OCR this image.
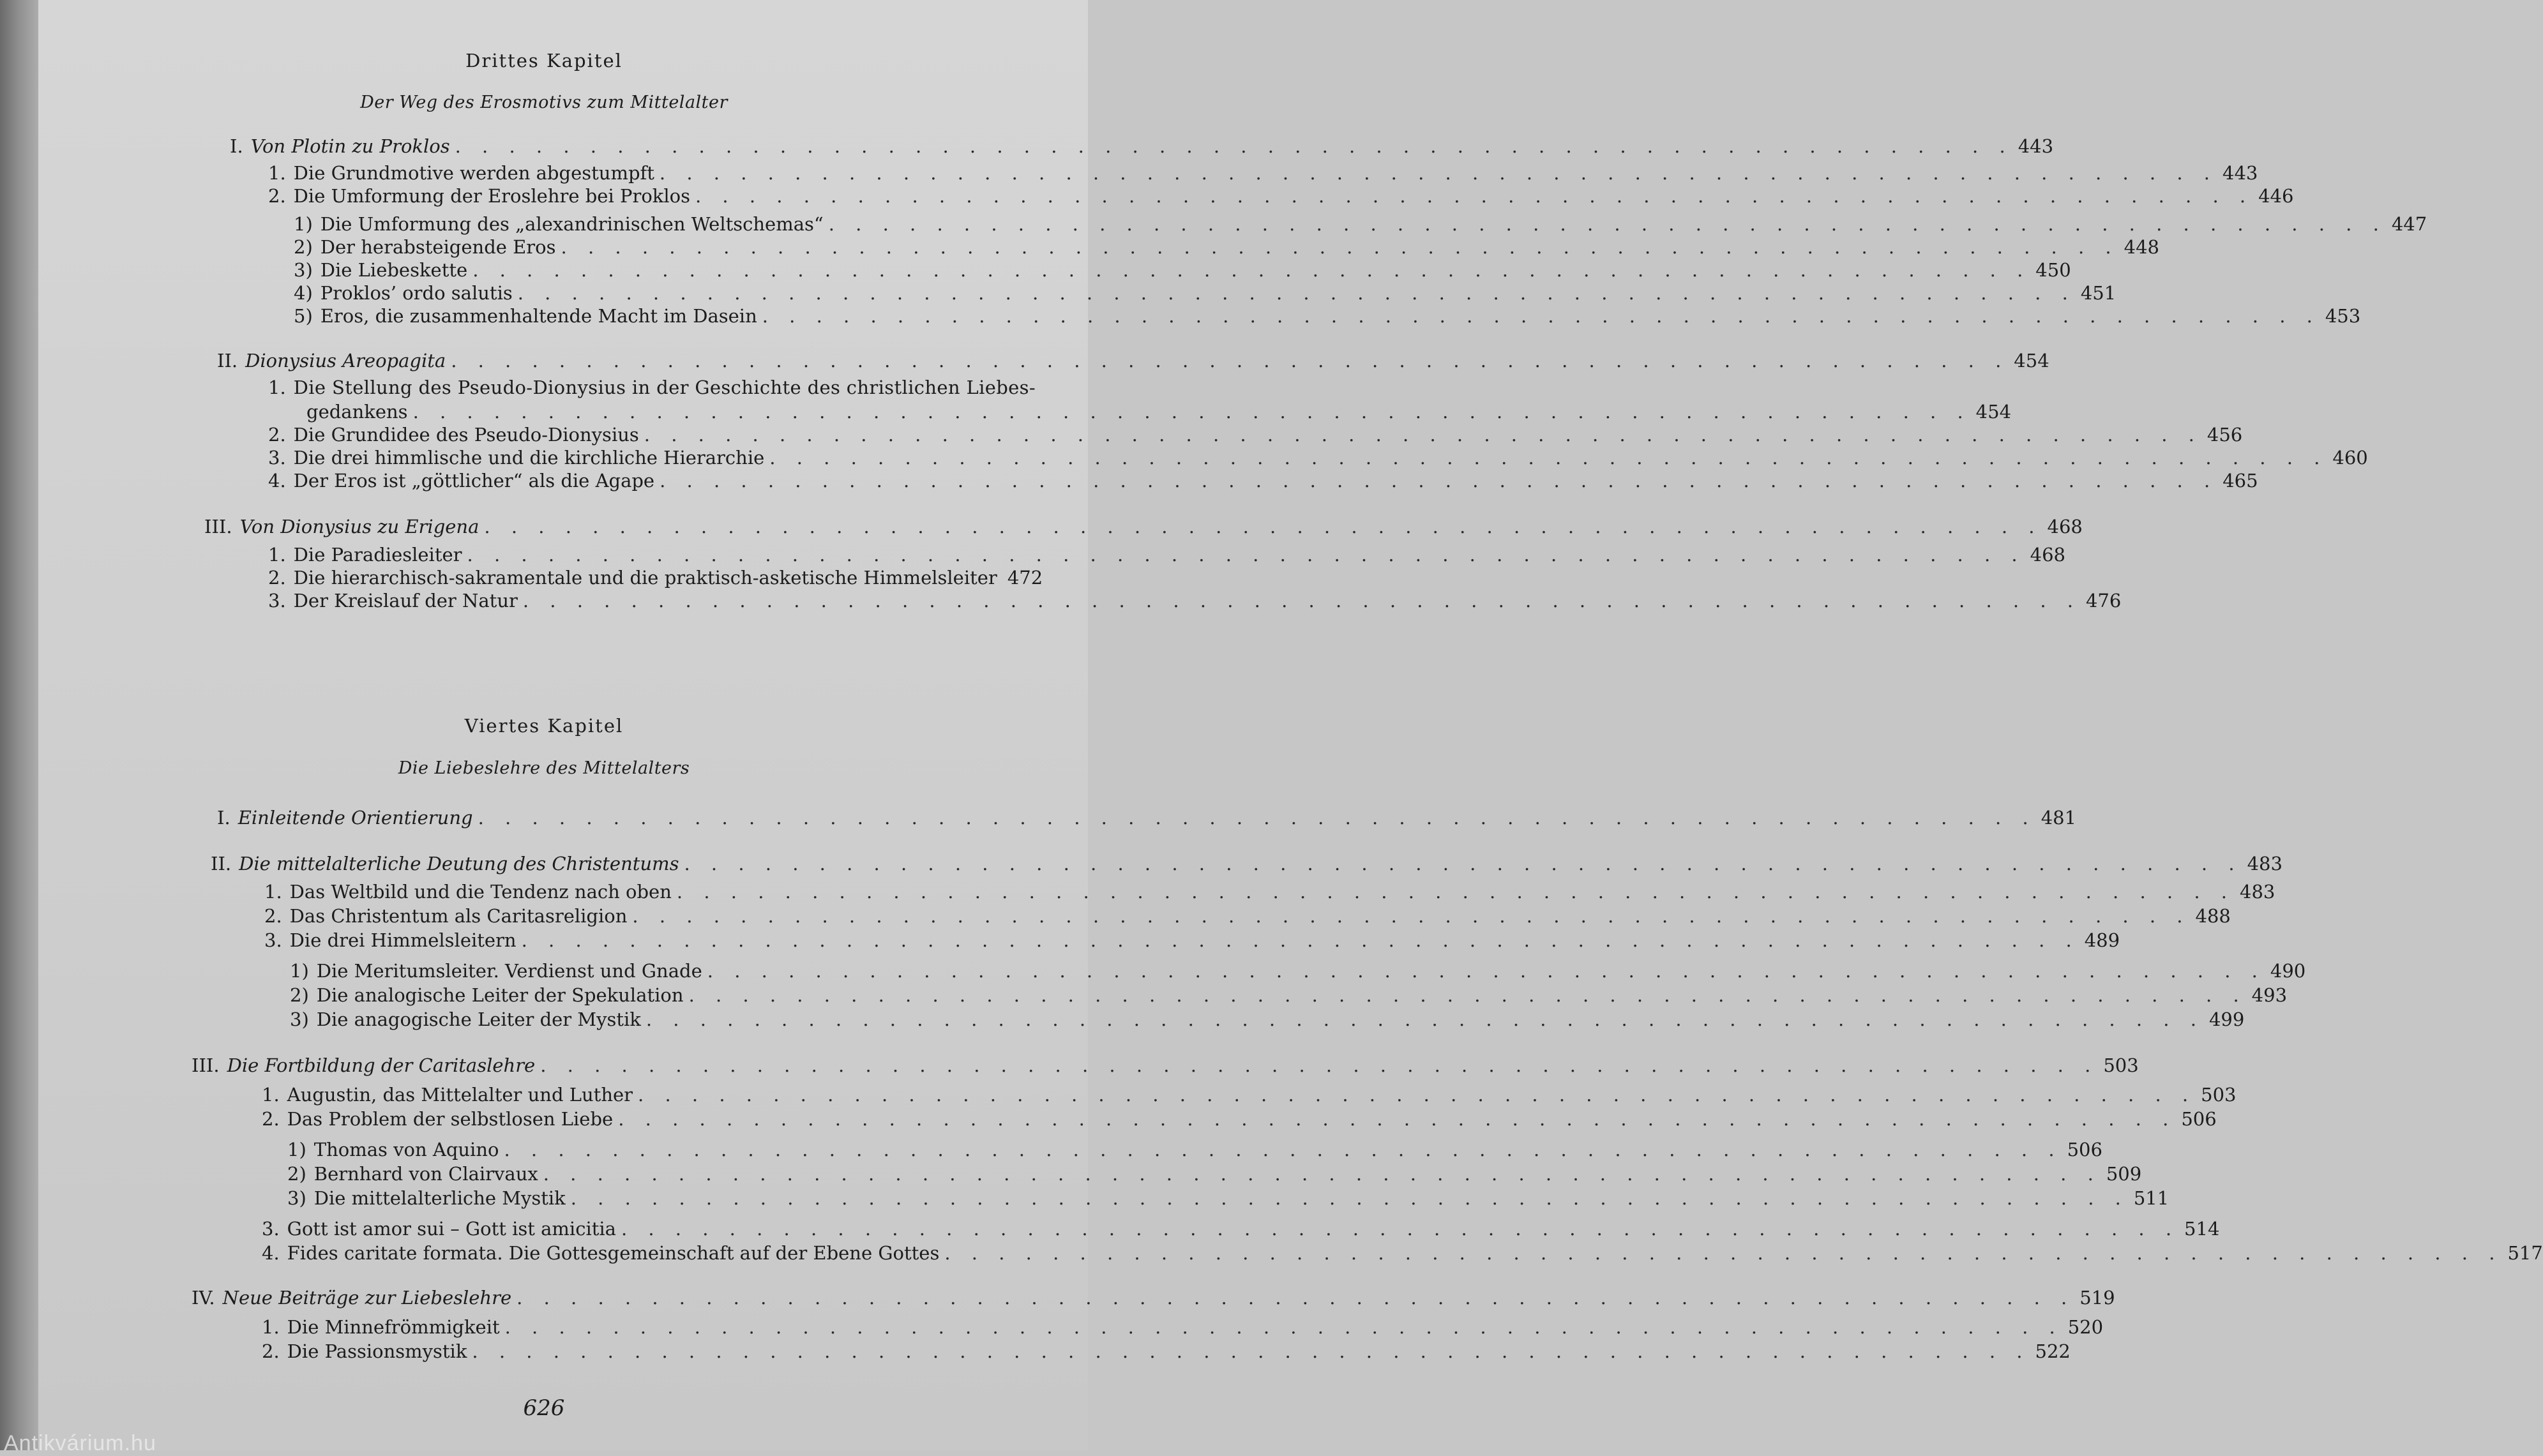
Drittes Kapitel
Der Weg des Erosmotivs zum Mittelalter
I. Von Plotin zu Proklos . . . . . . . . . . . . . . . . . . . . . . . . . . . . . . . . . . . . . . . . . . . . . . . . . . . . . . . . . . 443
1. Die Grundmotive werden abgestumpft . . . . . . . . . . . . . . . . . . . . . . . . . . . . . . . . . . . . . . . . . . . . . . . . . . . . . . . . . . 443
2. Die Umformung der Eroslehre bei Proklos . . . . . . . . . . . . . . . . . . . . . . . . . . . . . . . . . . . . . . . . . . . . . . . . . . . . . . . . . . 446
1) Die Umformung des „alexandrinischen Weltschemas“ . . . . . . . . . . . . . . . . . . . . . . . . . . . . . . . . . . . . . . . . . . . . . . . . . . . . . . . . . . 447
2) Der herabsteigende Eros . . . . . . . . . . . . . . . . . . . . . . . . . . . . . . . . . . . . . . . . . . . . . . . . . . . . . . . . . . 448
3) Die Liebeskette . . . . . . . . . . . . . . . . . . . . . . . . . . . . . . . . . . . . . . . . . . . . . . . . . . . . . . . . . . 450
4) Proklos’ ordo salutis . . . . . . . . . . . . . . . . . . . . . . . . . . . . . . . . . . . . . . . . . . . . . . . . . . . . . . . . . . 451
5) Eros, die zusammenhaltende Macht im Dasein . . . . . . . . . . . . . . . . . . . . . . . . . . . . . . . . . . . . . . . . . . . . . . . . . . . . . . . . . . 453
II. Dionysius Areopagita . . . . . . . . . . . . . . . . . . . . . . . . . . . . . . . . . . . . . . . . . . . . . . . . . . . . . . . . . . 454
1. Die Stellung des Pseudo-Dionysius in der Geschichte des christlichen Liebes-
gedankens . . . . . . . . . . . . . . . . . . . . . . . . . . . . . . . . . . . . . . . . . . . . . . . . . . . . . . . . . . 454
2. Die Grundidee des Pseudo-Dionysius . . . . . . . . . . . . . . . . . . . . . . . . . . . . . . . . . . . . . . . . . . . . . . . . . . . . . . . . . . 456
3. Die drei himmlische und die kirchliche Hierarchie . . . . . . . . . . . . . . . . . . . . . . . . . . . . . . . . . . . . . . . . . . . . . . . . . . . . . . . . . . 460
4. Der Eros ist „göttlicher“ als die Agape . . . . . . . . . . . . . . . . . . . . . . . . . . . . . . . . . . . . . . . . . . . . . . . . . . . . . . . . . . 465
III. Von Dionysius zu Erigena . . . . . . . . . . . . . . . . . . . . . . . . . . . . . . . . . . . . . . . . . . . . . . . . . . . . . . . . . . 468
1. Die Paradiesleiter . . . . . . . . . . . . . . . . . . . . . . . . . . . . . . . . . . . . . . . . . . . . . . . . . . . . . . . . . . 468
2. Die hierarchisch-sakramentale und die praktisch-asketische Himmelsleiter 472
3. Der Kreislauf der Natur . . . . . . . . . . . . . . . . . . . . . . . . . . . . . . . . . . . . . . . . . . . . . . . . . . . . . . . . . . 476
Viertes Kapitel
Die Liebeslehre des Mittelalters
I. Einleitende Orientierung . . . . . . . . . . . . . . . . . . . . . . . . . . . . . . . . . . . . . . . . . . . . . . . . . . . . . . . . . . 481
II. Die mittelalterliche Deutung des Christentums . . . . . . . . . . . . . . . . . . . . . . . . . . . . . . . . . . . . . . . . . . . . . . . . . . . . . . . . . . 483
1. Das Weltbild und die Tendenz nach oben . . . . . . . . . . . . . . . . . . . . . . . . . . . . . . . . . . . . . . . . . . . . . . . . . . . . . . . . . . 483
2. Das Christentum als Caritasreligion . . . . . . . . . . . . . . . . . . . . . . . . . . . . . . . . . . . . . . . . . . . . . . . . . . . . . . . . . . 488
3. Die drei Himmelsleitern . . . . . . . . . . . . . . . . . . . . . . . . . . . . . . . . . . . . . . . . . . . . . . . . . . . . . . . . . . 489
1) Die Meritumsleiter. Verdienst und Gnade . . . . . . . . . . . . . . . . . . . . . . . . . . . . . . . . . . . . . . . . . . . . . . . . . . . . . . . . . . 490
2) Die analogische Leiter der Spekulation . . . . . . . . . . . . . . . . . . . . . . . . . . . . . . . . . . . . . . . . . . . . . . . . . . . . . . . . . . 493
3) Die anagogische Leiter der Mystik . . . . . . . . . . . . . . . . . . . . . . . . . . . . . . . . . . . . . . . . . . . . . . . . . . . . . . . . . . 499
III. Die Fortbildung der Caritaslehre . . . . . . . . . . . . . . . . . . . . . . . . . . . . . . . . . . . . . . . . . . . . . . . . . . . . . . . . . . 503
1. Augustin, das Mittelalter und Luther . . . . . . . . . . . . . . . . . . . . . . . . . . . . . . . . . . . . . . . . . . . . . . . . . . . . . . . . . . 503
2. Das Problem der selbstlosen Liebe . . . . . . . . . . . . . . . . . . . . . . . . . . . . . . . . . . . . . . . . . . . . . . . . . . . . . . . . . . 506
1) Thomas von Aquino . . . . . . . . . . . . . . . . . . . . . . . . . . . . . . . . . . . . . . . . . . . . . . . . . . . . . . . . . . 506
2) Bernhard von Clairvaux . . . . . . . . . . . . . . . . . . . . . . . . . . . . . . . . . . . . . . . . . . . . . . . . . . . . . . . . . . 509
3) Die mittelalterliche Mystik . . . . . . . . . . . . . . . . . . . . . . . . . . . . . . . . . . . . . . . . . . . . . . . . . . . . . . . . . . 511
3. Gott ist amor sui – Gott ist amicitia . . . . . . . . . . . . . . . . . . . . . . . . . . . . . . . . . . . . . . . . . . . . . . . . . . . . . . . . . . 514
4. Fides caritate formata. Die Gottesgemeinschaft auf der Ebene Gottes . . . . . . . . . . . . . . . . . . . . . . . . . . . . . . . . . . . . . . . . . . . . . . . . . . . . . . . . . . 517
IV. Neue Beiträge zur Liebeslehre . . . . . . . . . . . . . . . . . . . . . . . . . . . . . . . . . . . . . . . . . . . . . . . . . . . . . . . . . . 519
1. Die Minnefrömmigkeit . . . . . . . . . . . . . . . . . . . . . . . . . . . . . . . . . . . . . . . . . . . . . . . . . . . . . . . . . . 520
2. Die Passionsmystik . . . . . . . . . . . . . . . . . . . . . . . . . . . . . . . . . . . . . . . . . . . . . . . . . . . . . . . . . . 522
626
Antikvárium.hu
